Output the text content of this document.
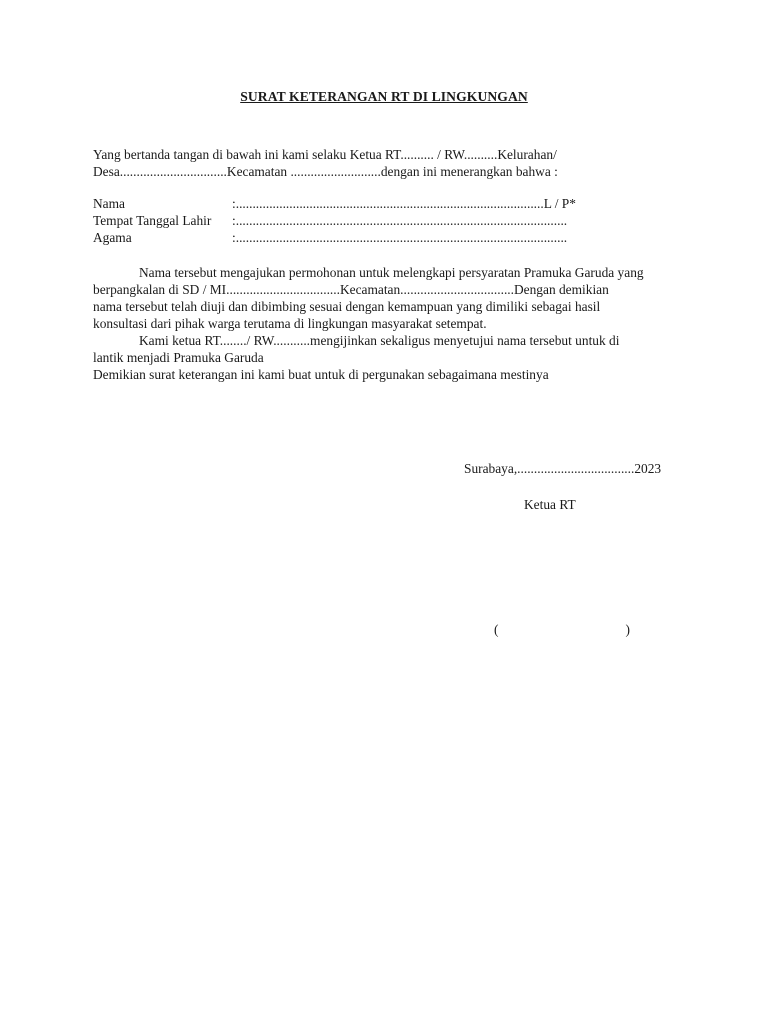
SURAT KETERANGAN RT DI LINGKUNGAN
Yang bertanda tangan di bawah ini kami selaku Ketua RT.......... / RW..........Kelurahan/
Desa................................Kecamatan ...........................dengan ini menerangkan bahwa :
Nama	:............................................................................................L / P*
Tempat Tanggal Lahir	:...................................................................................................
Agama	:...................................................................................................
Nama tersebut mengajukan permohonan untuk melengkapi persyaratan Pramuka Garuda yang
berpangkalan di SD / MI..................................Kecamatan..................................Dengan demikian
nama tersebut telah diuji dan dibimbing sesuai dengan kemampuan yang dimiliki sebagai hasil
konsultasi dari pihak warga terutama di lingkungan masyarakat setempat.
Kami ketua RT......../ RW...........mengijinkan sekaligus menyetujui nama tersebut untuk di
lantik menjadi Pramuka Garuda
Demikian surat keterangan ini kami buat untuk di pergunakan sebagaimana mestinya
Surabaya,...................................2023
Ketua RT
(	)
